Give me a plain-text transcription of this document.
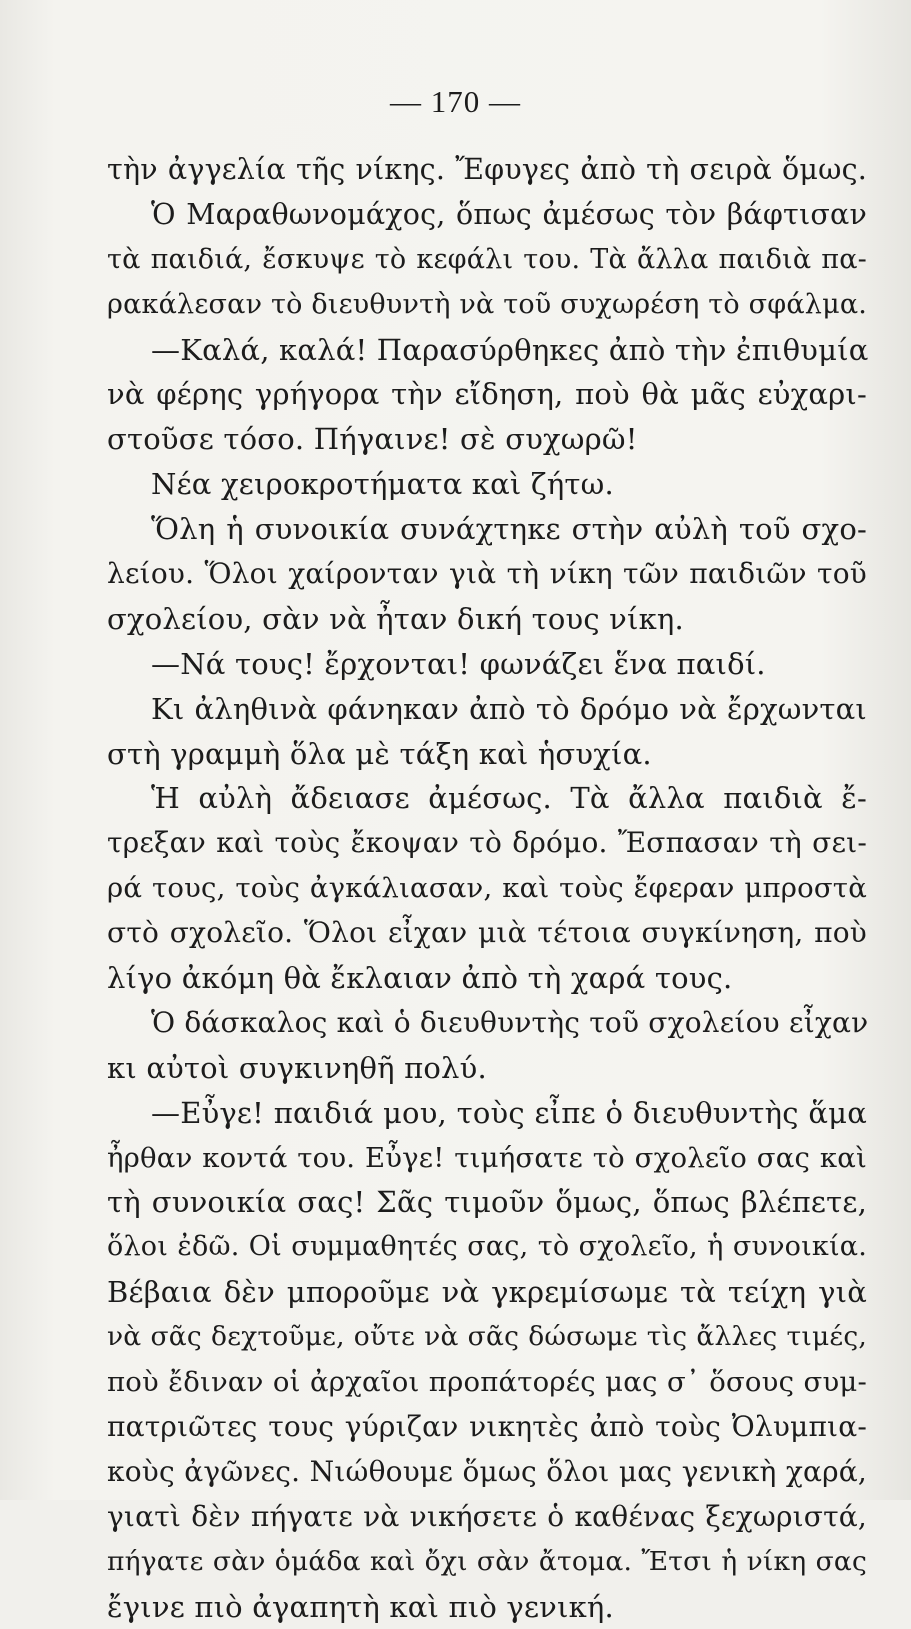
— 170 —
τὴν ἀγγελία τῆς νίκης. Ἔφυγες ἀπὸ τὴ σειρὰ ὅμως.
Ὁ Μαραθωνομάχος, ὅπως ἀμέσως τὸν βάφτισαν
τὰ παιδιά, ἔσκυψε τὸ κεφάλι του. Τὰ ἄλλα παιδιὰ πα-
ρακάλεσαν τὸ διευθυντὴ νὰ τοῦ συχωρέση τὸ σφάλμα.
—Καλά, καλά! Παρασύρθηκες ἀπὸ τὴν ἐπιθυμία
νὰ φέρης γρήγορα τὴν εἴδηση, ποὺ θὰ μᾶς εὐχαρι-
στοῦσε τόσο. Πήγαινε! σὲ συχωρῶ!
Νέα χειροκροτήματα καὶ ζήτω.
Ὅλη ἡ συνοικία συνάχτηκε στὴν αὐλὴ τοῦ σχο-
λείου. Ὅλοι χαίρονταν γιὰ τὴ νίκη τῶν παιδιῶν τοῦ
σχολείου, σὰν νὰ ἦταν δική τους νίκη.
—Νά τους! ἔρχονται! φωνάζει ἕνα παιδί.
Κι ἀληθινὰ φάνηκαν ἀπὸ τὸ δρόμο νὰ ἔρχωνται
στὴ γραμμὴ ὅλα μὲ τάξη καὶ ἡσυχία.
Ἡ αὐλὴ ἄδειασε ἀμέσως. Τὰ ἄλλα παιδιὰ ἔ-
τρεξαν καὶ τοὺς ἔκοψαν τὸ δρόμο. Ἔσπασαν τὴ σει-
ρά τους, τοὺς ἀγκάλιασαν, καὶ τοὺς ἔφεραν μπροστὰ
στὸ σχολεῖο. Ὅλοι εἶχαν μιὰ τέτοια συγκίνηση, ποὺ
λίγο ἀκόμη θὰ ἔκλαιαν ἀπὸ τὴ χαρά τους.
Ὁ δάσκαλος καὶ ὁ διευθυντὴς τοῦ σχολείου εἶχαν
κι αὐτοὶ συγκινηθῆ πολύ.
—Εὖγε! παιδιά μου, τοὺς εἶπε ὁ διευθυντὴς ἅμα
ἦρθαν κοντά του. Εὖγε! τιμήσατε τὸ σχολεῖο σας καὶ
τὴ συνοικία σας! Σᾶς τιμοῦν ὅμως, ὅπως βλέπετε,
ὅλοι ἐδῶ. Οἱ συμμαθητές σας, τὸ σχολεῖο, ἡ συνοικία.
Βέβαια δὲν μποροῦμε νὰ γκρεμίσωμε τὰ τείχη γιὰ
νὰ σᾶς δεχτοῦμε, οὔτε νὰ σᾶς δώσωμε τὶς ἄλλες τιμές,
ποὺ ἔδιναν οἱ ἀρχαῖοι προπάτορές μας σ᾽ ὅσους συμ-
πατριῶτες τους γύριζαν νικητὲς ἀπὸ τοὺς Ὀλυμπια-
κοὺς ἀγῶνες. Νιώθουμε ὅμως ὅλοι μας γενικὴ χαρά,
γιατὶ δὲν πήγατε νὰ νικήσετε ὁ καθένας ξεχωριστά,
πήγατε σὰν ὁμάδα καὶ ὄχι σὰν ἄτομα. Ἔτσι ἡ νίκη σας
ἔγινε πιὸ ἀγαπητὴ καὶ πιὸ γενική.
